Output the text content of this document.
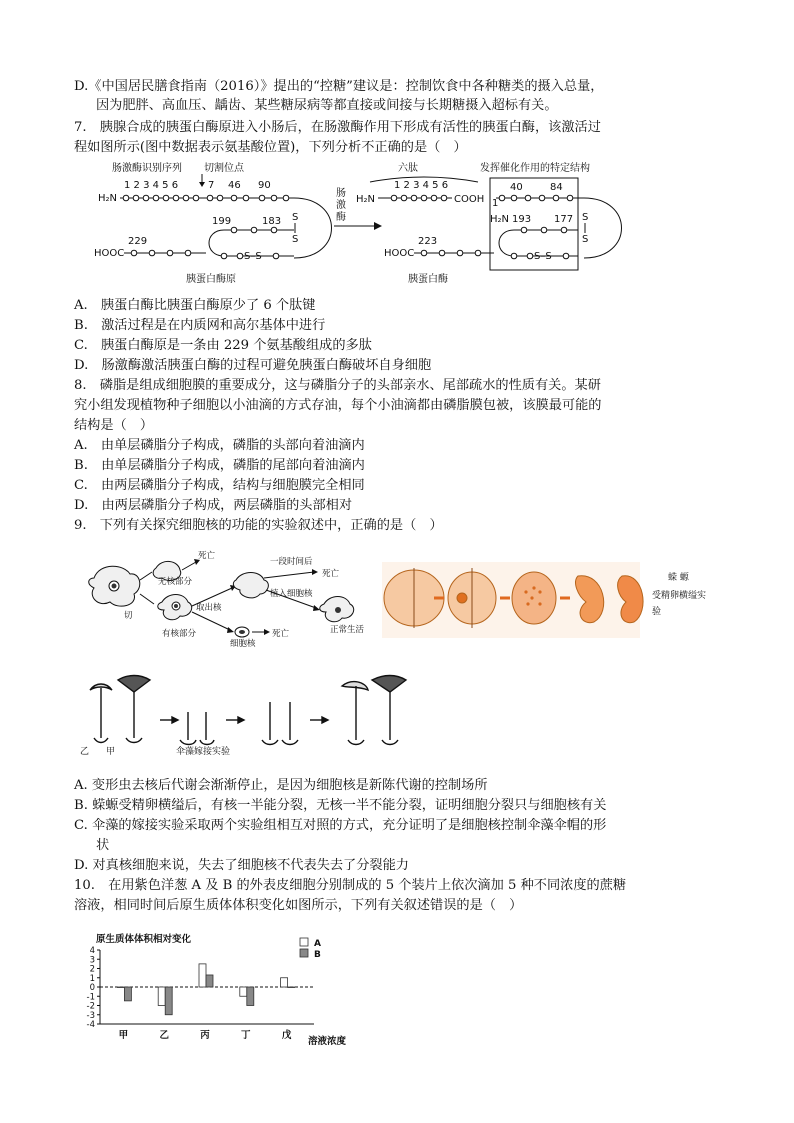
D.《中国居民膳食指南（2016）》提出的“控糖”建议是：控制饮食中各种糖类的摄入总量，
因为肥胖、高血压、龋齿、某些糖尿病等都直接或间接与长期糖摄入超标有关。
7.　胰腺合成的胰蛋白酶原进入小肠后，在肠激酶作用下形成有活性的胰蛋白酶，该激活过
程如图所示(图中数据表示氨基酸位置)，下列分析不正确的是（　）
肠激酶识别序列 切割位点	六肽	发挥催化作用的特定结构
1 2 3 4 5 6	7 46 90
H₂N
199	183
S–S
S
S
229
HOOC
胰蛋白酶原
肠
激
酶
1 2 3 4 5 6
H₂N	COOH
40	84
1
S
S
H₂N 193 177
S–S
223
HOOC
胰蛋白酶
A.　胰蛋白酶比胰蛋白酶原少了 6 个肽键
B.　激活过程是在内质网和高尔基体中进行
C.　胰蛋白酶原是一条由 229 个氨基酸组成的多肽
D.　肠激酶激活胰蛋白酶的过程可避免胰蛋白酶破坏自身细胞
8.　磷脂是组成细胞膜的重要成分，这与磷脂分子的头部亲水、尾部疏水的性质有关。某研
究小组发现植物种子细胞以小油滴的方式存油，每个小油滴都由磷脂膜包被，该膜最可能的
结构是（　）
A.　由单层磷脂分子构成，磷脂的头部向着油滴内
B.　由单层磷脂分子构成，磷脂的尾部向着油滴内
C.　由两层磷脂分子构成，结构与细胞膜完全相同
D.　由两层磷脂分子构成，两层磷脂的头部相对
9.　下列有关探究细胞核的功能的实验叙述中，正确的是（　）
死亡
无核部分
一段时间后
死亡
切
取出核
植入细胞核
有核部分
细胞核
死亡	正常生活
蝾 螈
受精卵横缢实
验
乙 甲	伞藻嫁接实验
A. 变形虫去核后代谢会渐渐停止，是因为细胞核是新陈代谢的控制场所
B. 蝾螈受精卵横缢后，有核一半能分裂，无核一半不能分裂，证明细胞分裂只与细胞核有关
C. 伞藻的嫁接实验采取两个实验组相互对照的方式，充分证明了是细胞核控制伞藻伞帽的形
状
D. 对真核细胞来说，失去了细胞核不代表失去了分裂能力
10.　在用紫色洋葱 A 及 B 的外表皮细胞分别制成的 5 个装片上依次滴加 5 种不同浓度的蔗糖
溶液，相同时间后原生质体体积变化如图所示，下列有关叙述错误的是（　）
原生质体体积相对变化
溶液浓度
4
3
2
1
0
-1
-2
-3
-4
甲	乙	丙	丁	戊
A
B
